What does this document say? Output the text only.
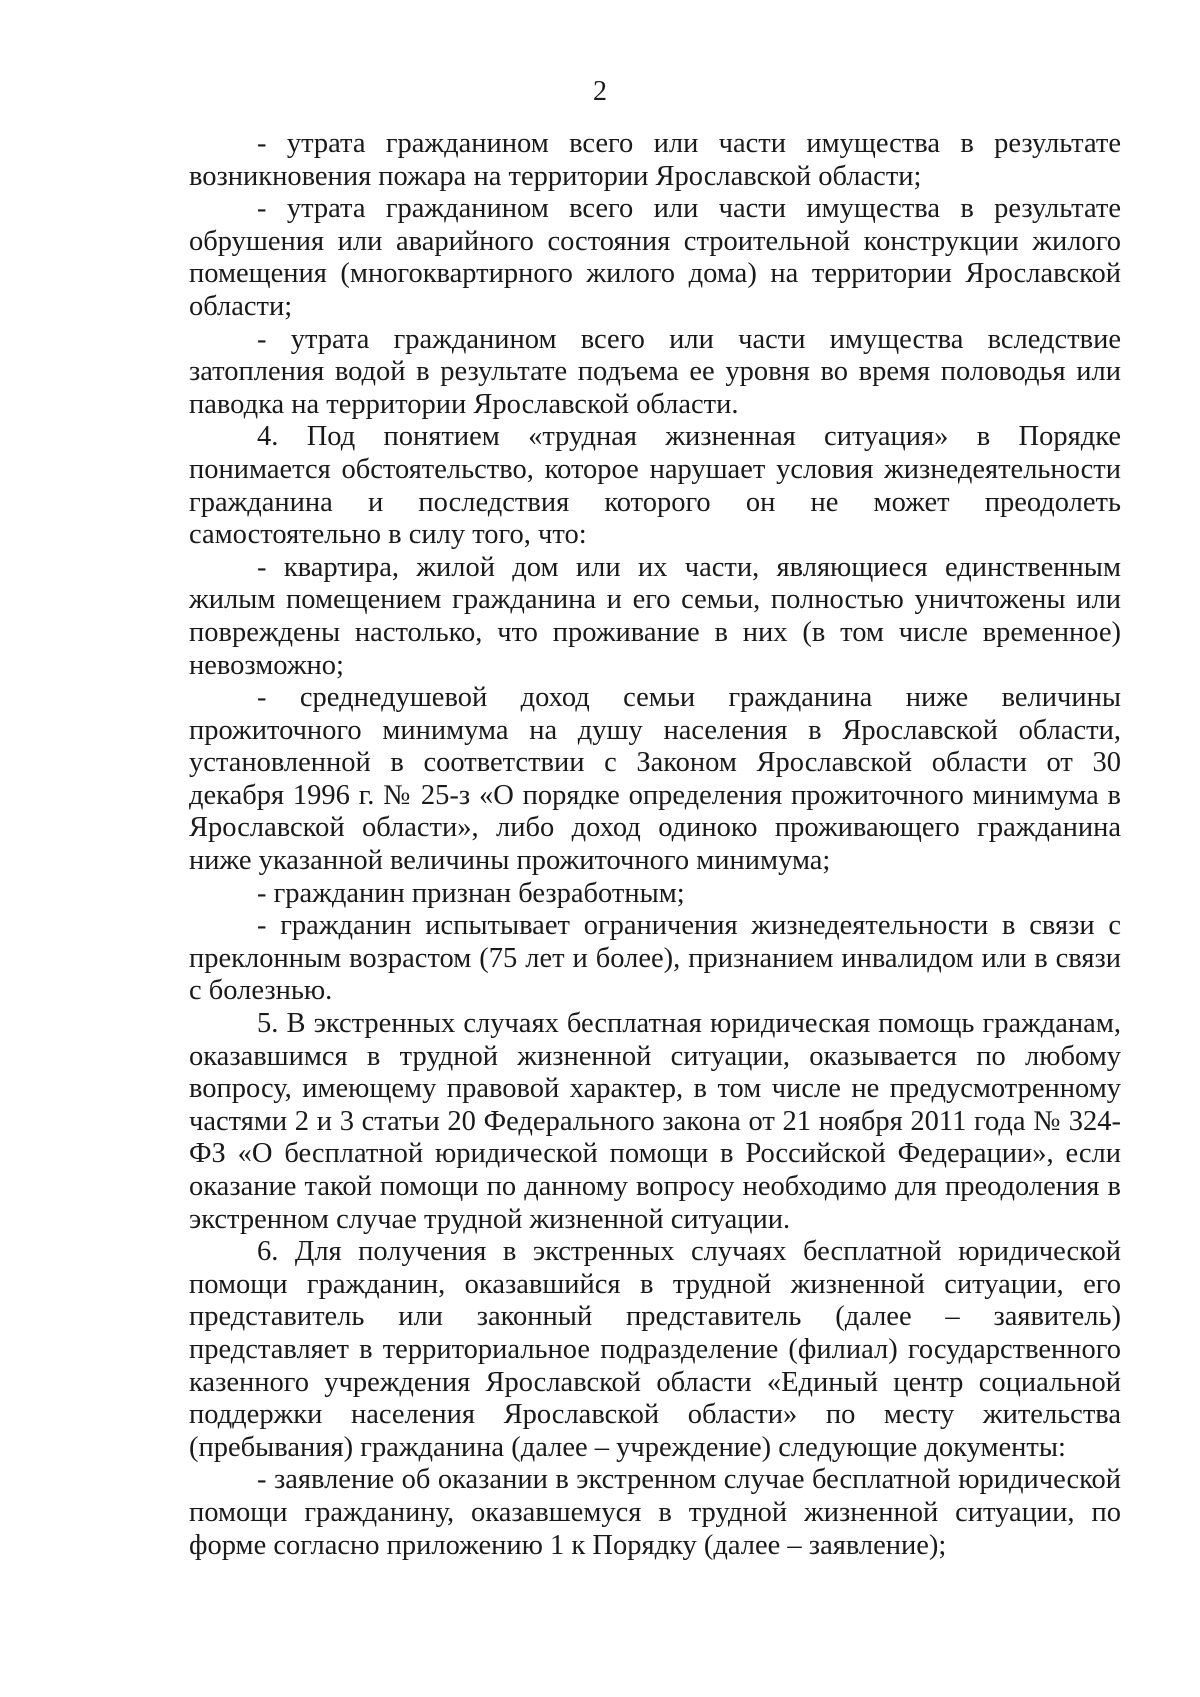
2

- утрата гражданином всего или части имущества в результате возникновения пожара на территории Ярославской области;

- утрата гражданином всего или части имущества в результате обрушения или аварийного состояния строительной конструкции жилого помещения (многоквартирного жилого дома) на территории Ярославской области;

- утрата гражданином всего или части имущества вследствие затопления водой в результате подъема ее уровня во время половодья или паводка на территории Ярославской области.

4. Под понятием «трудная жизненная ситуация» в Порядке понимается обстоятельство, которое нарушает условия жизнедеятельности гражданина и последствия которого он не может преодолеть самостоятельно в силу того, что:

- квартира, жилой дом или их части, являющиеся единственным жилым помещением гражданина и его семьи, полностью уничтожены или повреждены настолько, что проживание в них (в том числе временное) невозможно;

- среднедушевой доход семьи гражданина ниже величины прожиточного минимума на душу населения в Ярославской области, установленной в соответствии с Законом Ярославской области от 30 декабря 1996 г. № 25-з «О порядке определения прожиточного минимума в Ярославской области», либо доход одиноко проживающего гражданина ниже указанной величины прожиточного минимума;

- гражданин признан безработным;

- гражданин испытывает ограничения жизнедеятельности в связи с преклонным возрастом (75 лет и более), признанием инвалидом или в связи с болезнью.

5. В экстренных случаях бесплатная юридическая помощь гражданам, оказавшимся в трудной жизненной ситуации, оказывается по любому вопросу, имеющему правовой характер, в том числе не предусмотренному частями 2 и 3 статьи 20 Федерального закона от 21 ноября 2011 года № 324-ФЗ «О бесплатной юридической помощи в Российской Федерации», если оказание такой помощи по данному вопросу необходимо для преодоления в экстренном случае трудной жизненной ситуации.

6. Для получения в экстренных случаях бесплатной юридической помощи гражданин, оказавшийся в трудной жизненной ситуации, его представитель или законный представитель (далее – заявитель) представляет в территориальное подразделение (филиал) государственного казенного учреждения Ярославской области «Единый центр социальной поддержки населения Ярославской области» по месту жительства (пребывания) гражданина (далее – учреждение) следующие документы:

- заявление об оказании в экстренном случае бесплатной юридической помощи гражданину, оказавшемуся в трудной жизненной ситуации, по форме согласно приложению 1 к Порядку (далее – заявление);
